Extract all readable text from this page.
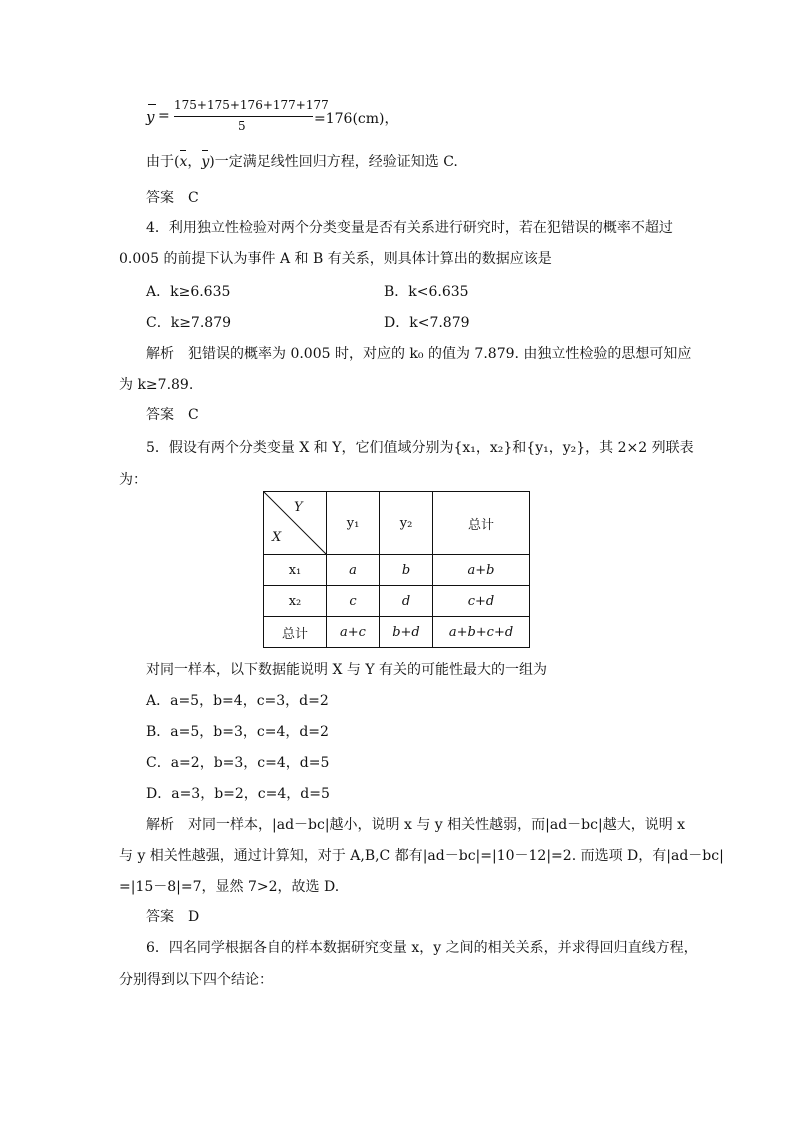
y =
175+175+176+177+177
5	=176(cm)，
由于(x，y)一定满足线性回归方程，经验证知选 C.
答案　C
4．利用独立性检验对两个分类变量是否有关系进行研究时，若在犯错误的概率不超过
0.005 的前提下认为事件 A 和 B 有关系，则具体计算出的数据应该是
A．k≥6.635	B．k<6.635
C．k≥7.879	D．k<7.879
解析　犯错误的概率为 0.005 时，对应的 k₀ 的值为 7.879. 由独立性检验的思想可知应
为 k≥7.89.
答案　C
5．假设有两个分类变量 X 和 Y，它们值域分别为{x₁，x₂}和{y₁，y₂}，其 2×2 列联表
为：
Y
X	y₁	y₂	总计
x₁	a	b	a+b
x₂	c	d	c+d
总计	a+c	b+d	a+b+c+d
对同一样本，以下数据能说明 X 与 Y 有关的可能性最大的一组为
A．a=5，b=4，c=3，d=2
B．a=5，b=3，c=4，d=2
C．a=2，b=3，c=4，d=5
D．a=3，b=2，c=4，d=5
解析　对同一样本，|ad－bc|越小，说明 x 与 y 相关性越弱，而|ad－bc|越大，说明 x
与 y 相关性越强，通过计算知，对于 A,B,C 都有|ad－bc|=|10－12|=2. 而选项 D，有|ad－bc|
=|15－8|=7，显然 7>2，故选 D.
答案　D
6．四名同学根据各自的样本数据研究变量 x，y 之间的相关关系，并求得回归直线方程，
分别得到以下四个结论：
